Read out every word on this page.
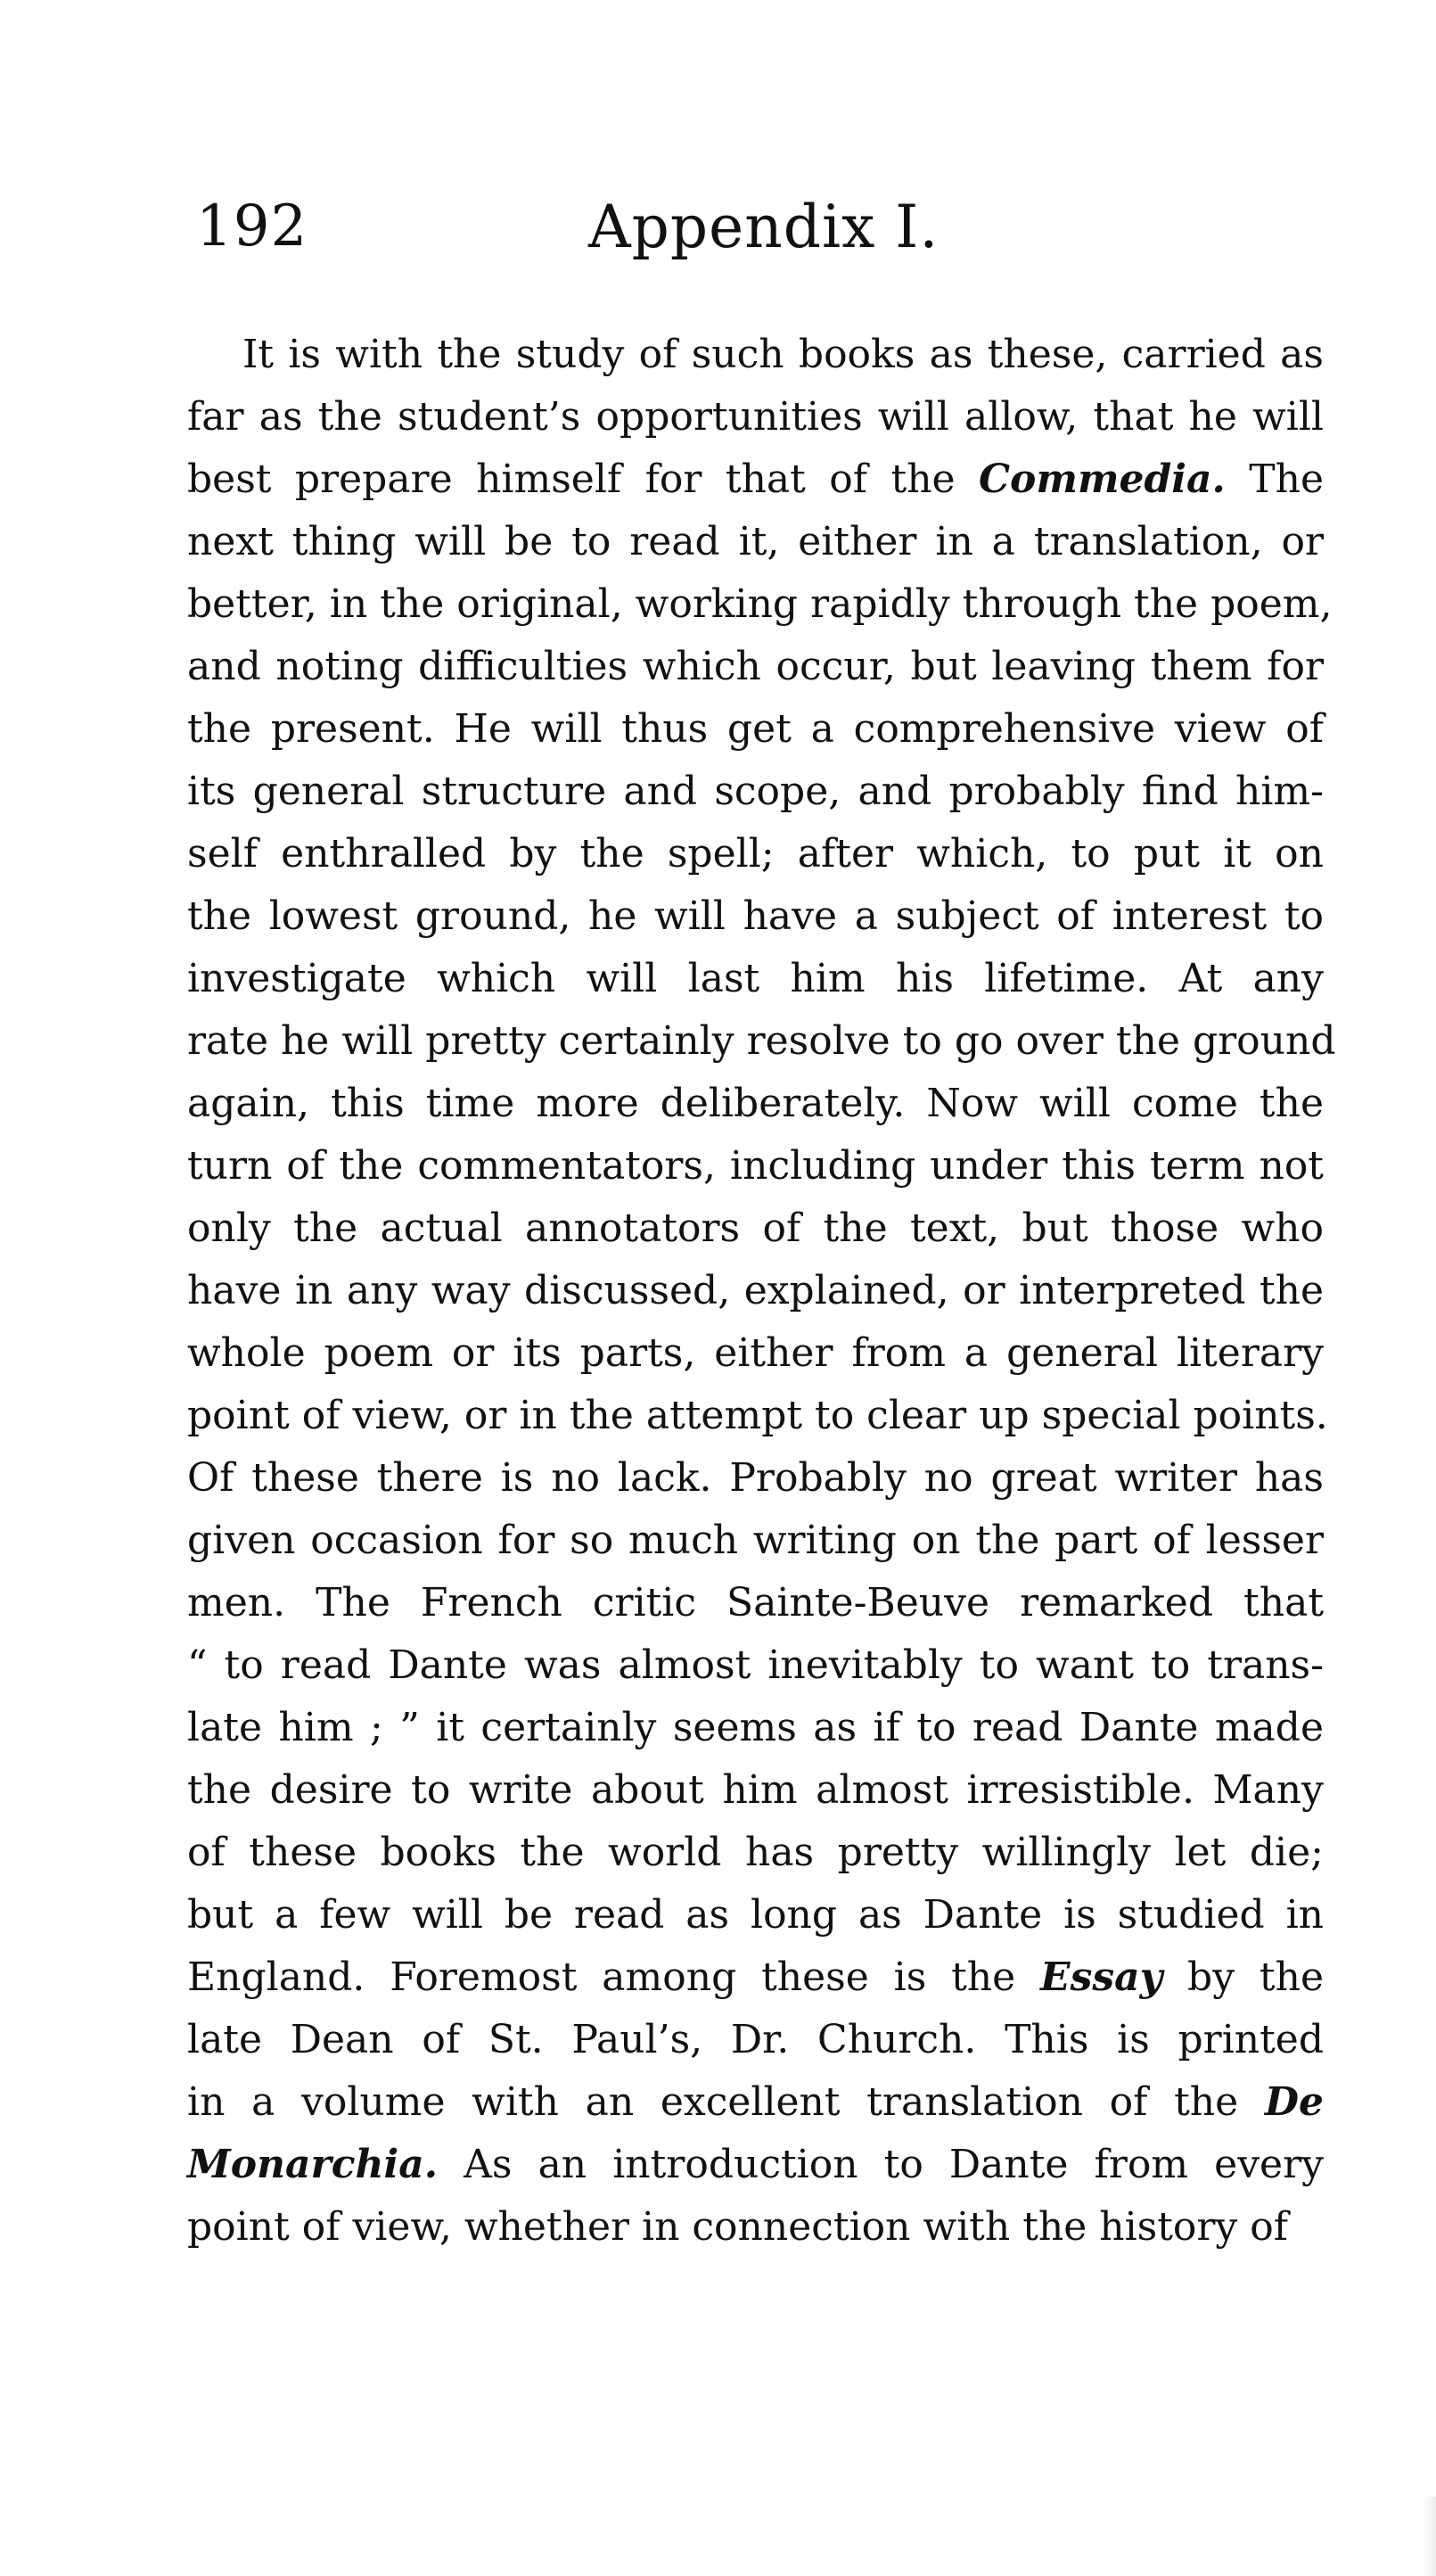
192	Appendix I.
It is with the study of such books as these, carried as
far as the student’s opportunities will allow, that he will
best prepare himself for that of the Commedia. The
next thing will be to read it, either in a translation, or
better, in the original, working rapidly through the poem,
and noting difficulties which occur, but leaving them for
the present. He will thus get a comprehensive view of
its general structure and scope, and probably find him-
self enthralled by the spell; after which, to put it on
the lowest ground, he will have a subject of interest to
investigate which will last him his lifetime. At any
rate he will pretty certainly resolve to go over the ground
again, this time more deliberately. Now will come the
turn of the commentators, including under this term not
only the actual annotators of the text, but those who
have in any way discussed, explained, or interpreted the
whole poem or its parts, either from a general literary
point of view, or in the attempt to clear up special points.
Of these there is no lack. Probably no great writer has
given occasion for so much writing on the part of lesser
men. The French critic Sainte-Beuve remarked that
“ to read Dante was almost inevitably to want to trans-
late him ; ” it certainly seems as if to read Dante made
the desire to write about him almost irresistible. Many
of these books the world has pretty willingly let die;
but a few will be read as long as Dante is studied in
England. Foremost among these is the Essay by the
late Dean of St. Paul’s, Dr. Church. This is printed
in a volume with an excellent translation of the De
Monarchia. As an introduction to Dante from every
point of view, whether in connection with the history of
